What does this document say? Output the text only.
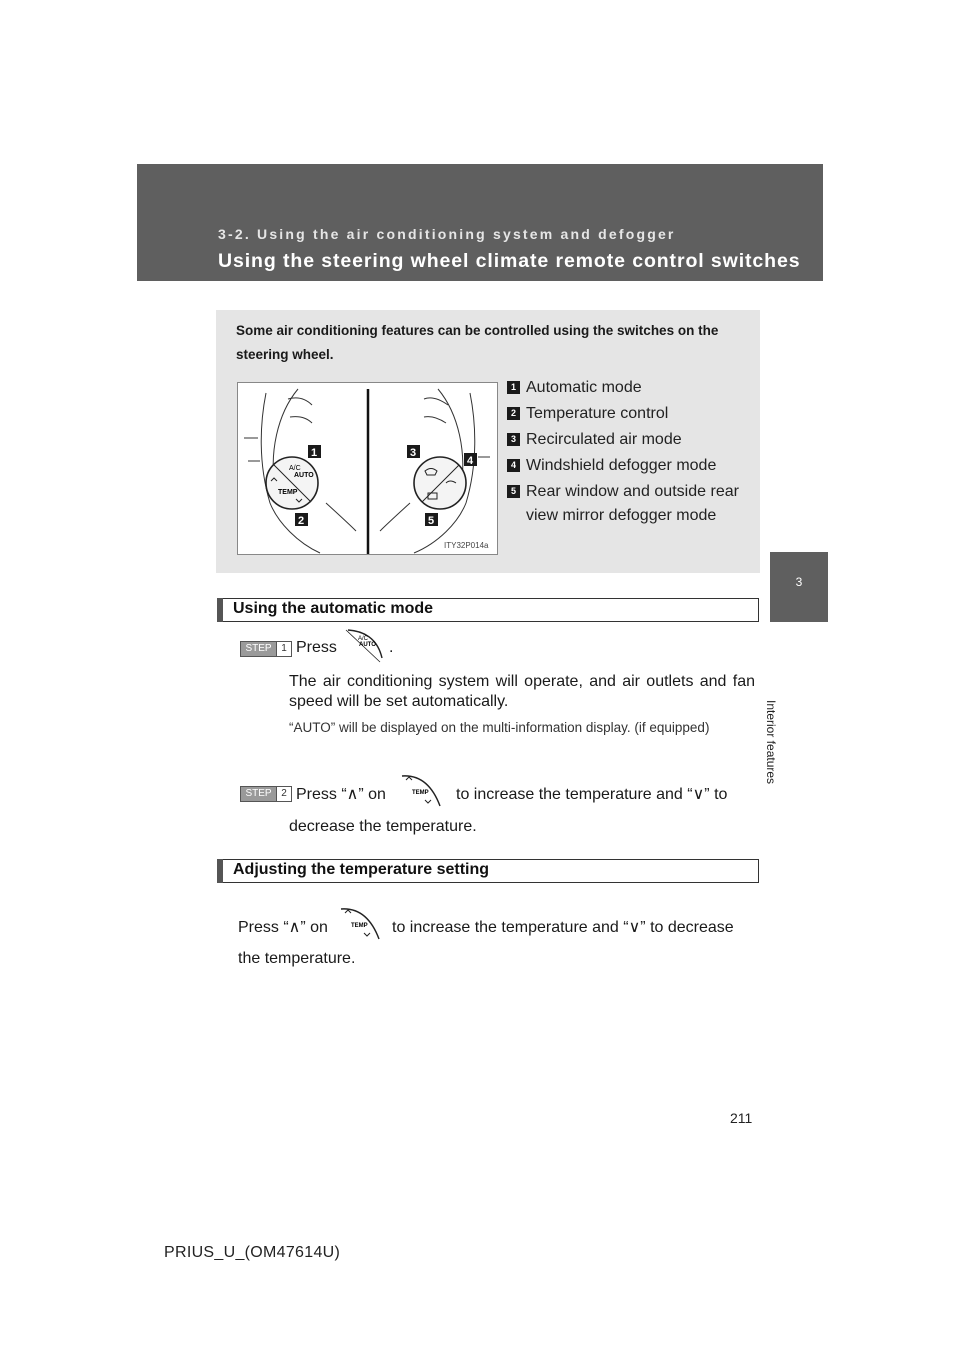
3-2. Using the air conditioning system and defogger
Using the steering wheel climate remote control switches
3
Interior features
Some air conditioning features can be controlled using the switches on the steering wheel.
A/C
AUTO
TEMP
1
2
3
4
5
ITY32P014a
1 Automatic mode
2 Temperature control
3 Recirculated air mode
4 Windshield defogger mode
5 Rear window and outside rear view mirror defogger mode
Using the automatic mode
STEP 1 Press	A/C
AUTO .
The air conditioning system will operate, and air outlets and fan speed will be set automatically.
“AUTO” will be displayed on the multi-information display. (if equipped)
STEP 2 Press “∧” on	TEMP to increase the temperature and “∨” to
decrease the temperature.
Adjusting the temperature setting
Press “∧” on	TEMP to increase the temperature and “∨” to decrease
the temperature.
211
PRIUS_U_(OM47614U)
